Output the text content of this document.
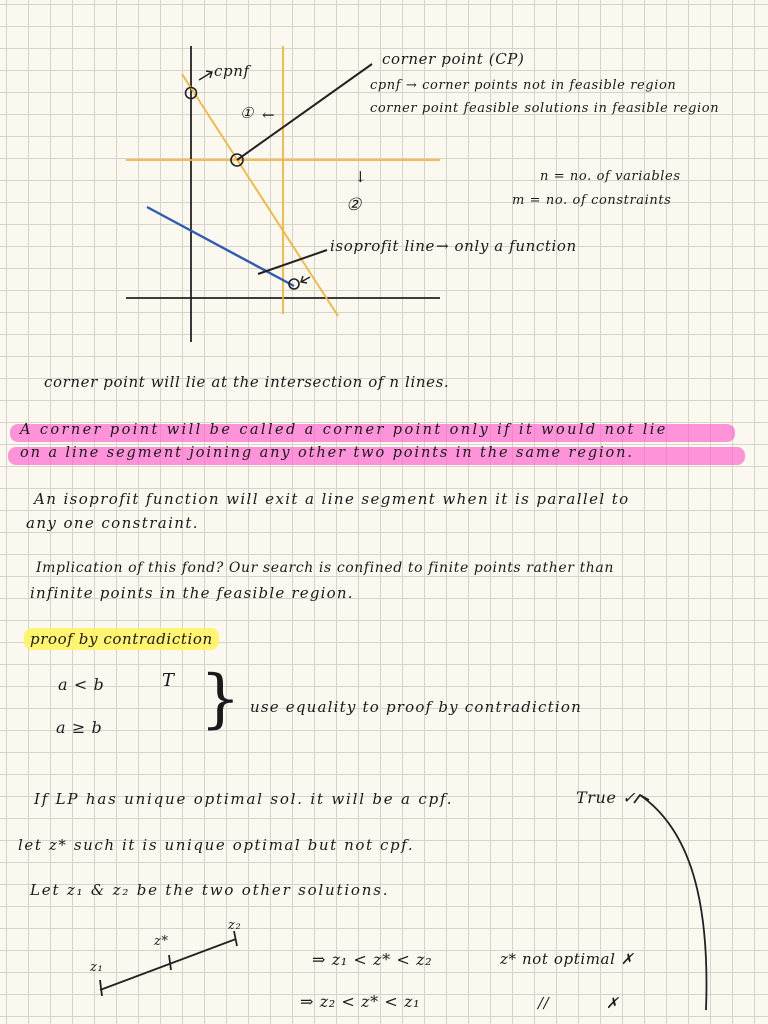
cpnf
① ←
↓
②
isoprofit line → only a function
corner point (CP)
cpnf → corner points not in feasible region
corner point feasible solutions in feasible region
n = no. of variables
m = no. of constraints
corner point will lie at the intersection of n lines.
A corner point will be called a corner point only if it would not lie
on a line segment joining any other two points in the same region.
An isoprofit function will exit a line segment when it is parallel to
any one constraint.
Implication of this fond? Our search is confined to finite points rather than
infinite points in the feasible region.
proof by contradiction
a < b	T
a ≥ b } use equality to proof by contradiction
If LP has unique optimal sol. it will be a cpf.	True ✓
let z* such it is unique optimal but not cpf.
Let z₁ & z₂ be the two other solutions.
z₁
z*
z₂
⇒ z₁ < z* < z₂	z* not optimal ✗
⇒ z₂ < z* < z₁	//	✗
